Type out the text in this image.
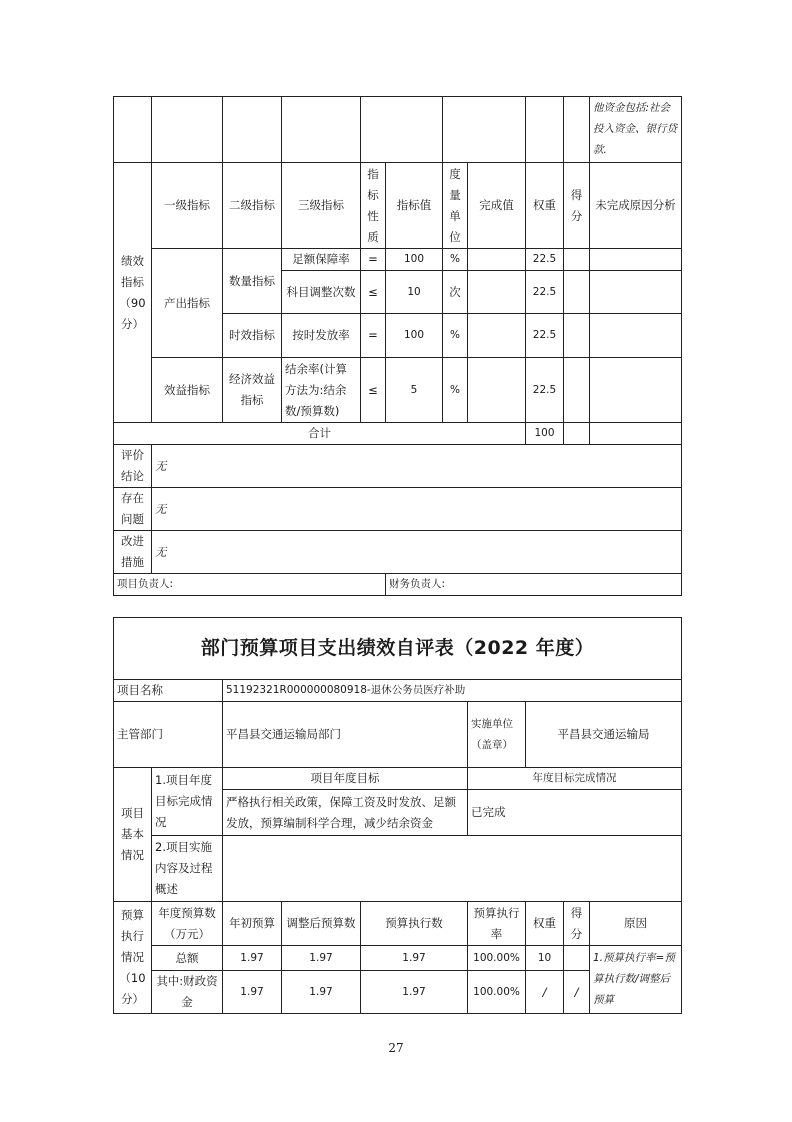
										他资金包括:社会投入资金、银行贷款.
绩效指标（90分）	一级指标	二级指标	三级指标	指标性质	指标值	度量单位	完成值	权重	得分	未完成原因分析
	产出指标	数量指标	足额保障率	=	100	%		22.5		
			科目调整次数	≤	10	次		22.5		
		时效指标	按时发放率	=	100	%		22.5		
	效益指标	经济效益指标	结余率(计算方法为:结余数/预算数)	≤	5	%		22.5		
合计								100		
评价结论	无									
存在问题	无									
改进措施	无									
项目负责人:					财务负责人:					
部门预算项目支出绩效自评表（2022 年度）								
项目名称		51192321R000000080918-退休公务员医疗补助						
主管部门		平昌县交通运输局部门			实施单位（盖章）	平昌县交通运输局		
项目基本情况	1.项目年度目标完成情况	项目年度目标			年度目标完成情况			
		严格执行相关政策，保障工资及时发放、足额发放，预算编制科学合理，减少结余资金			已完成			
	2.项目实施内容及过程概述							
预算执行情况（10分）	年度预算数（万元）	年初预算	调整后预算数	预算执行数	预算执行率	权重	得分	原因
	总额	1.97	1.97	1.97	100.00%	10		1.预算执行率=预算执行数/调整后预算
	其中:财政资金	1.97	1.97	1.97	100.00%	/	/	
27
